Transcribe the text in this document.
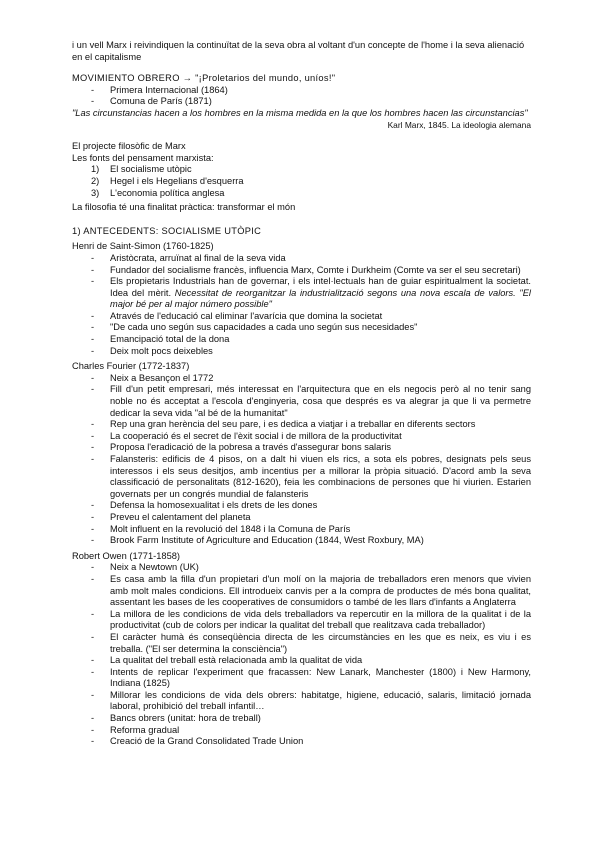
i un vell Marx i reivindiquen la continuïtat de la seva obra al voltant d'un concepte de l'home i la seva alienació en el capitalisme

MOVIMIENTO OBRERO → "¡Proletarios del mundo, uníos!"

- Primera Internacional (1864)
- Comuna de París (1871)

"Las circunstancias hacen a los hombres en la misma medida en la que los hombres hacen las circunstancias"

Karl Marx, 1845. La ideologia alemana

El projecte filosòfic de Marx

Les fonts del pensament marxista:

1) El socialisme utòpic
2) Hegel i els Hegelians d'esquerra
3) L'economia política anglesa

La filosofia té una finalitat pràctica: transformar el món

1) ANTECEDENTS: SOCIALISME UTÒPIC

Henri de Saint-Simon (1760-1825)

- Aristòcrata, arruïnat al final de la seva vida
- Fundador del socialisme francès, influencia Marx, Comte i Durkheim (Comte va ser el seu secretari)
- Els propietaris Industrials han de governar, i els intel·lectuals han de guiar espiritualment la societat. Idea del mèrit. Necessitat de reorganitzar la industrialització segons una nova escala de valors. "El major bé per al major número possible"
- Através de l'educació cal eliminar l'avarícia que domina la societat
- "De cada uno según sus capacidades a cada uno según sus necesidades"
- Emancipació total de la dona
- Deix molt pocs deixebles

Charles Fourier (1772-1837)

- Neix a Besançon el 1772
- Fill d'un petit empresari, més interessat en l'arquitectura que en els negocis però al no tenir sang noble no és acceptat a l'escola d'enginyeria, cosa que després es va alegrar ja que li va permetre dedicar la seva vida "al bé de la humanitat"
- Rep una gran herència del seu pare, i es dedica a viatjar i a treballar en diferents sectors
- La cooperació és el secret de l'èxit social i de millora de la productivitat
- Proposa l'eradicació de la pobresa a través d'assegurar bons salaris
- Falansteris: edificis de 4 pisos, on a dalt hi viuen els rics, a sota els pobres, designats pels seus interessos i els seus desitjos, amb incentius per a millorar la pròpia situació. D'acord amb la seva classificació de personalitats (812-1620), feia les combinacions de persones que hi viurien. Estarien governats per un congrés mundial de falansteris
- Defensa la homosexualitat i els drets de les dones
- Preveu el calentament del planeta
- Molt influent en la revolució del 1848 i la Comuna de París
- Brook Farm Institute of Agriculture and Education (1844, West Roxbury, MA)

Robert Owen (1771-1858)

- Neix a Newtown (UK)
- Es casa amb la filla d'un propietari d'un molí on la majoria de treballadors eren menors que vivien amb molt males condicions. Ell introdueix canvis per a la compra de productes de més bona qualitat, assentant les bases de les cooperatives de consumidors o també de les llars d'infants a Anglaterra
- La millora de les condicions de vida dels treballadors va repercutir en la millora de la qualitat i de la productivitat (cub de colors per indicar la qualitat del treball que realitzava cada treballador)
- El caràcter humà és conseqüència directa de les circumstàncies en les que es neix, es viu i es treballa. ("El ser determina la consciència")
- La qualitat del treball està relacionada amb la qualitat de vida
- Intents de replicar l'experiment que fracassen: New Lanark, Manchester (1800) i New Harmony, Indiana (1825)
- Millorar les condicions de vida dels obrers: habitatge, higiene, educació, salaris, limitació jornada laboral, prohibició del treball infantil…
- Bancs obrers (unitat: hora de treball)
- Reforma gradual
- Creació de la Grand Consolidated Trade Union
